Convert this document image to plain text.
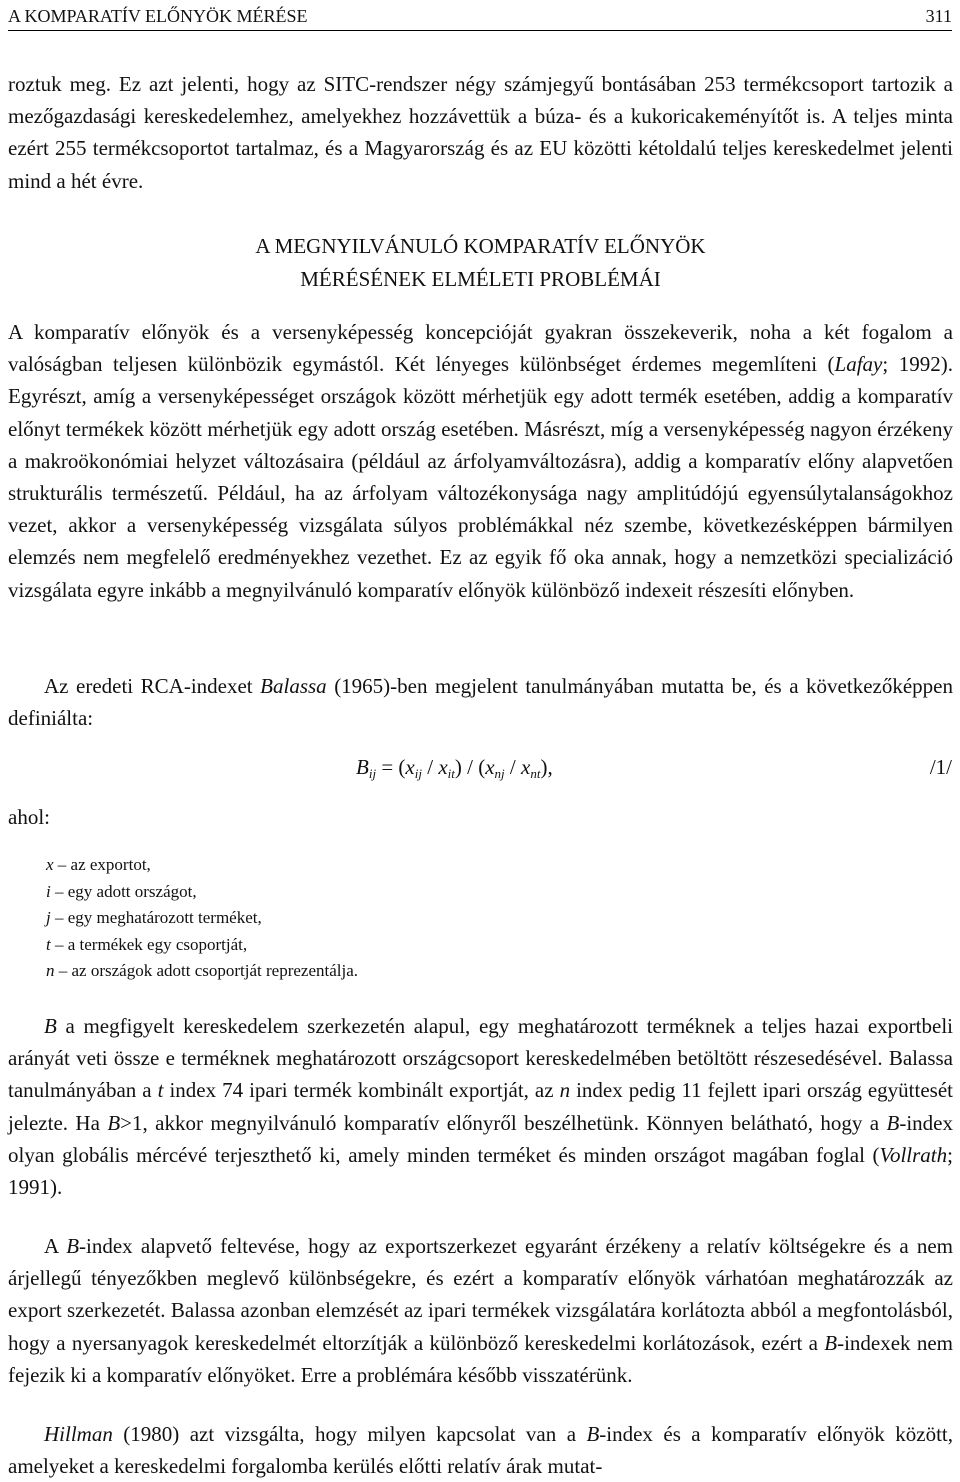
A KOMPARATÍV ELŐNYÖK MÉRÉSE	311

roztuk meg. Ez azt jelenti, hogy az SITC-rendszer négy számjegyű bontásában 253 termékcsoport tartozik a mezőgazdasági kereskedelemhez, amelyekhez hozzávettük a búza- és a kukoricakeményítőt is. A teljes minta ezért 255 termékcsoportot tartalmaz, és a Magyarország és az EU közötti kétoldalú teljes kereskedelmet jelenti mind a hét évre.

A MEGNYILVÁNULÓ KOMPARATÍV ELŐNYÖK
MÉRÉSÉNEK ELMÉLETI PROBLÉMÁI

A komparatív előnyök és a versenyképesség koncepcióját gyakran összekeverik, noha a két fogalom a valóságban teljesen különbözik egymástól. Két lényeges különbséget érdemes megemlíteni (Lafay; 1992). Egyrészt, amíg a versenyképességet országok között mérhetjük egy adott termék esetében, addig a komparatív előnyt termékek között mérhetjük egy adott ország esetében. Másrészt, míg a versenyképesség nagyon érzékeny a makroökonómiai helyzet változásaira (például az árfolyamváltozásra), addig a komparatív előny alapvetően strukturális természetű. Például, ha az árfolyam változékonysága nagy amplitúdójú egyensúlytalanságokhoz vezet, akkor a versenyképesség vizsgálata súlyos problémákkal néz szembe, következésképpen bármilyen elemzés nem megfelelő eredményekhez vezethet. Ez az egyik fő oka annak, hogy a nemzetközi specializáció vizsgálata egyre inkább a megnyilvánuló komparatív előnyök különböző indexeit részesíti előnyben.

Az eredeti RCA-indexet Balassa (1965)-ben megjelent tanulmányában mutatta be, és a következőképpen definiálta:

$B_{ij} = (x_{ij} / x_{it}) / (x_{nj} / x_{nt})$,	/1/
ahol:
x – az exportot,
i – egy adott országot,
j – egy meghatározott terméket,
t – a termékek egy csoportját,
n – az országok adott csoportját reprezentálja.

B a megfigyelt kereskedelem szerkezetén alapul, egy meghatározott terméknek a teljes hazai exportbeli arányát veti össze e terméknek meghatározott országcsoport kereskedelmében betöltött részesedésével. Balassa tanulmányában a t index 74 ipari termék kombinált exportját, az n index pedig 11 fejlett ipari ország együttesét jelezte. Ha B>1, akkor megnyilvánuló komparatív előnyről beszélhetünk. Könnyen belátható, hogy a B-index olyan globális mércévé terjeszthető ki, amely minden terméket és minden országot magában foglal (Vollrath; 1991).

A B-index alapvető feltevése, hogy az exportszerkezet egyaránt érzékeny a relatív költségekre és a nem árjellegű tényezőkben meglevő különbségekre, és ezért a komparatív előnyök várhatóan meghatározzák az export szerkezetét. Balassa azonban elemzését az ipari termékek vizsgálatára korlátozta abból a megfontolásból, hogy a nyersanyagok kereskedelmét eltorzítják a különböző kereskedelmi korlátozások, ezért a B-indexek nem fejezik ki a komparatív előnyöket. Erre a problémára később visszatérünk.

Hillman (1980) azt vizsgálta, hogy milyen kapcsolat van a B-index és a komparatív előnyök között, amelyeket a kereskedelmi forgalomba kerülés előtti relatív árak mutat-
